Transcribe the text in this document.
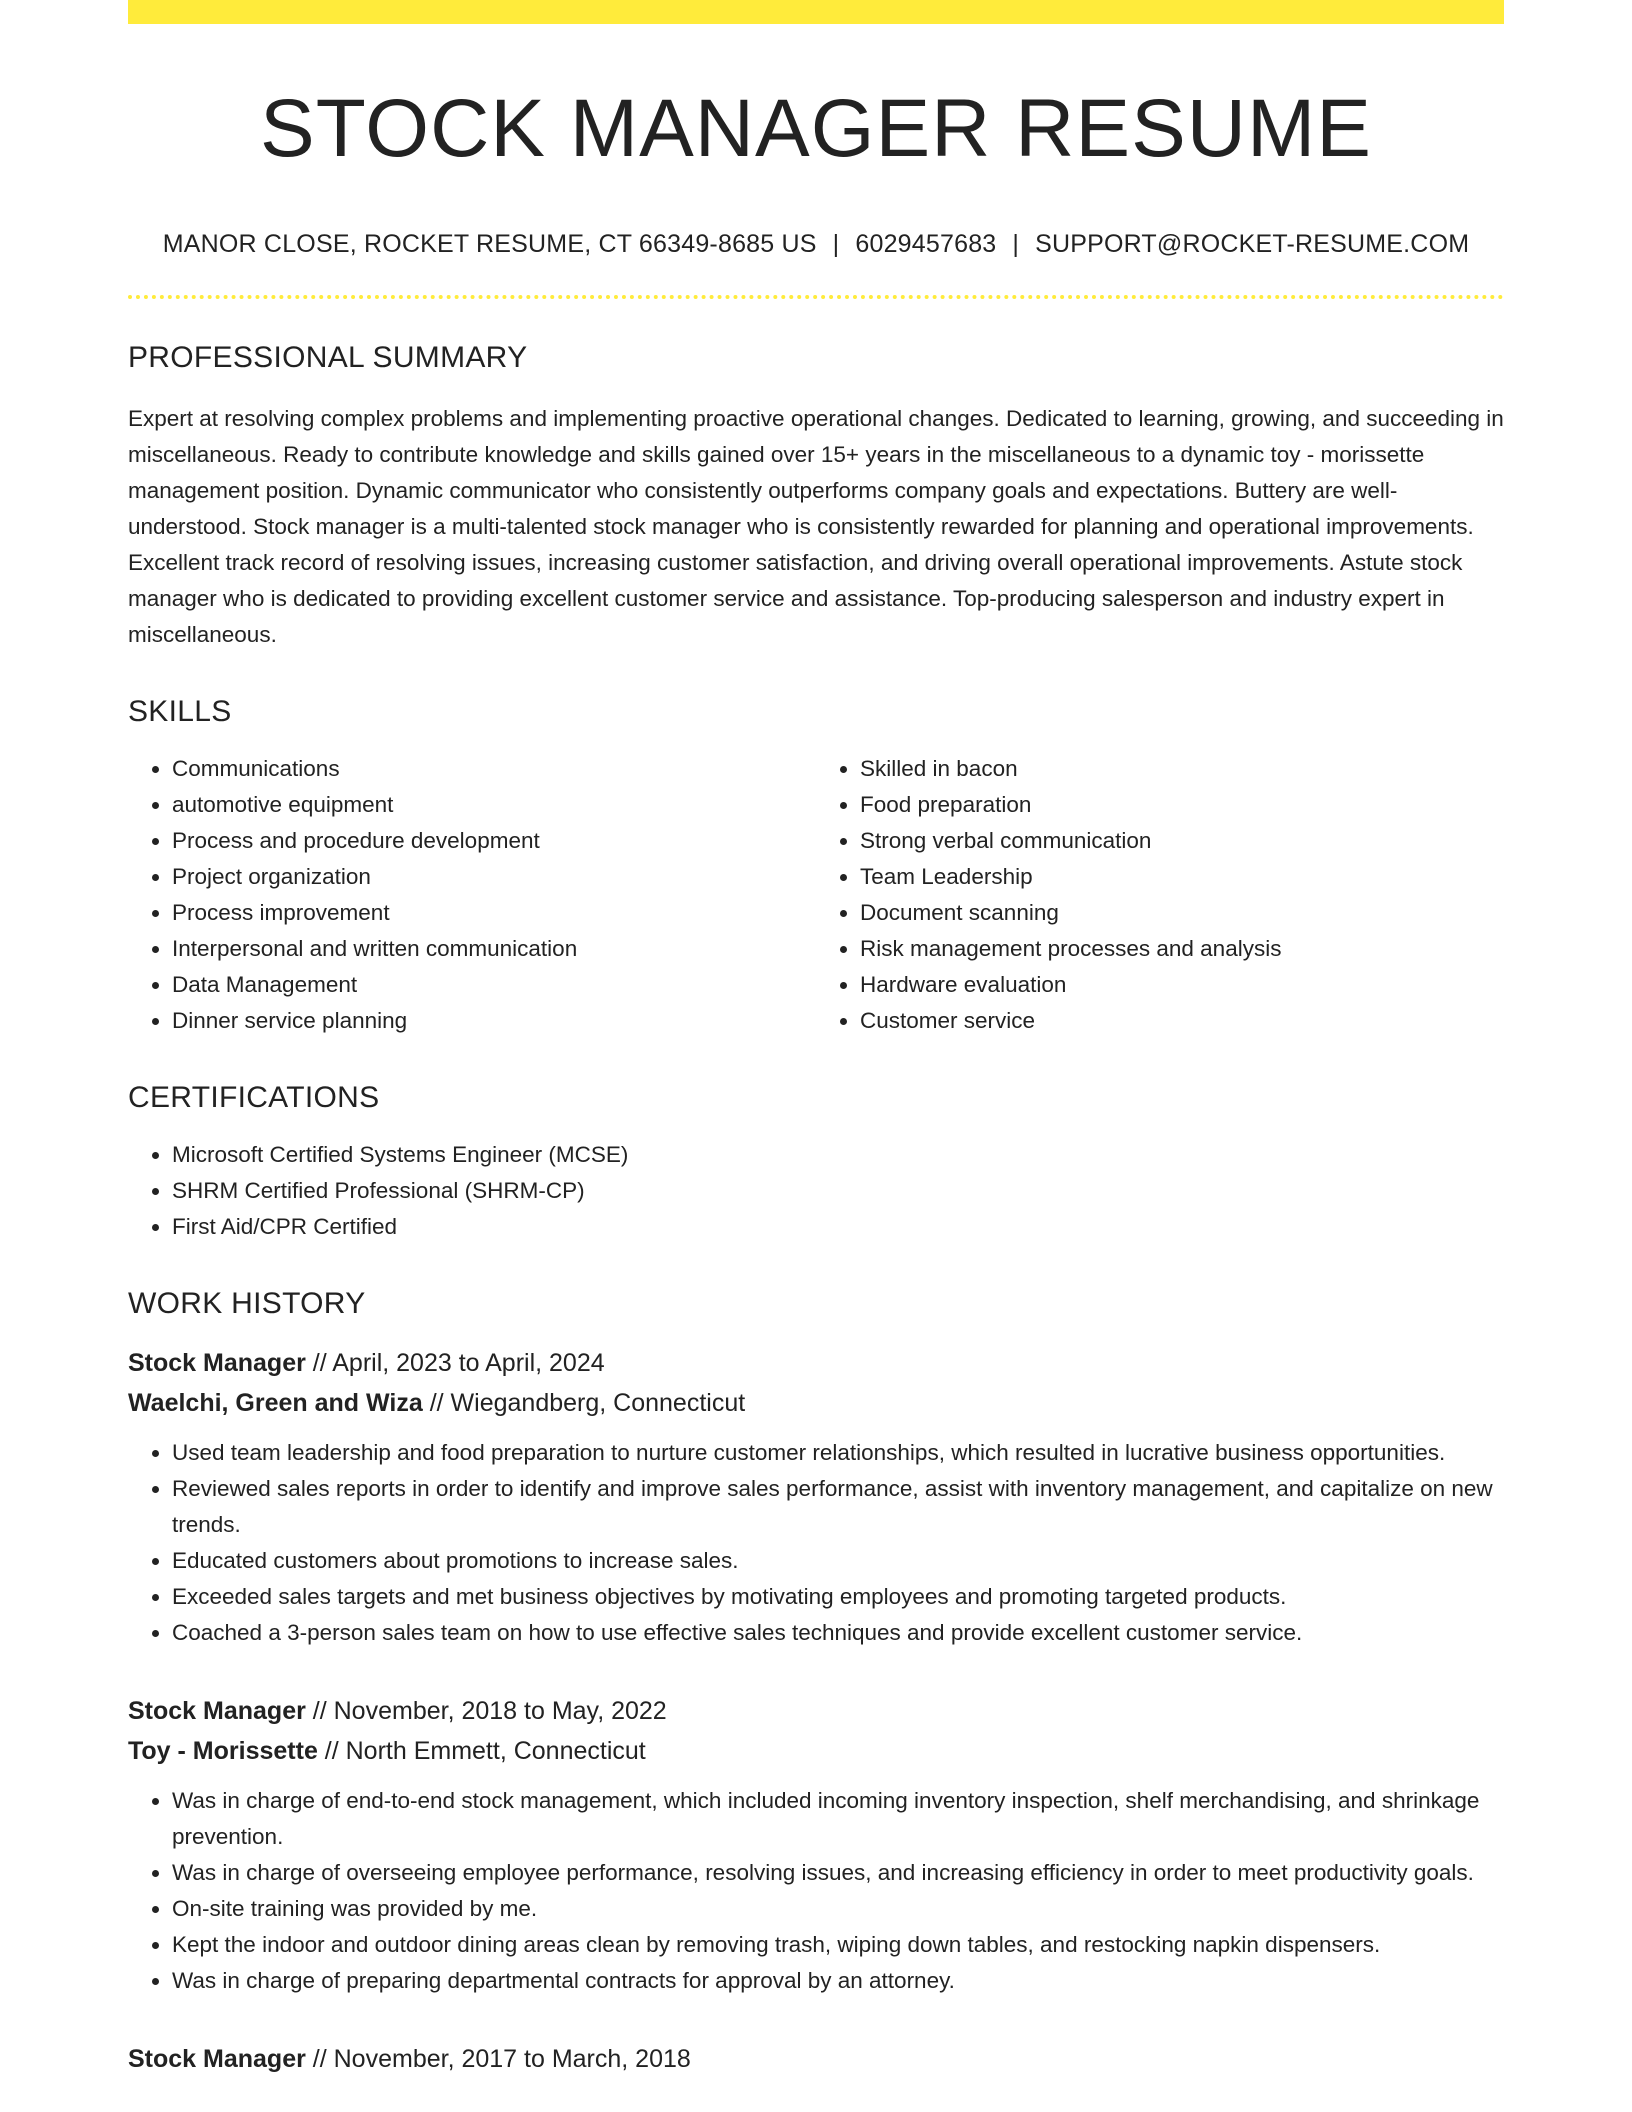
STOCK MANAGER RESUME
MANOR CLOSE, ROCKET RESUME, CT 66349-8685 US | 6029457683 | SUPPORT@ROCKET-RESUME.COM
PROFESSIONAL SUMMARY

Expert at resolving complex problems and implementing proactive operational changes. Dedicated to learning, growing, and succeeding in miscellaneous. Ready to contribute knowledge and skills gained over 15+ years in the miscellaneous to a dynamic toy - morissette management position. Dynamic communicator who consistently outperforms company goals and expectations. Buttery are well-understood. Stock manager is a multi-talented stock manager who is consistently rewarded for planning and operational improvements. Excellent track record of resolving issues, increasing customer satisfaction, and driving overall operational improvements. Astute stock manager who is dedicated to providing excellent customer service and assistance. Top-producing salesperson and industry expert in miscellaneous.

SKILLS
• Communications
• automotive equipment
• Process and procedure development
• Project organization
• Process improvement
• Interpersonal and written communication
• Data Management
• Dinner service planning
• Skilled in bacon
• Food preparation
• Strong verbal communication
• Team Leadership
• Document scanning
• Risk management processes and analysis
• Hardware evaluation
• Customer service
CERTIFICATIONS
• Microsoft Certified Systems Engineer (MCSE)
• SHRM Certified Professional (SHRM-CP)
• First Aid/CPR Certified
WORK HISTORY
Stock Manager // April, 2023 to April, 2024
Waelchi, Green and Wiza // Wiegandberg, Connecticut
• Used team leadership and food preparation to nurture customer relationships, which resulted in lucrative business opportunities.
• Reviewed sales reports in order to identify and improve sales performance, assist with inventory management, and capitalize on new trends.
• Educated customers about promotions to increase sales.
• Exceeded sales targets and met business objectives by motivating employees and promoting targeted products.
• Coached a 3-person sales team on how to use effective sales techniques and provide excellent customer service.
Stock Manager // November, 2018 to May, 2022
Toy - Morissette // North Emmett, Connecticut
• Was in charge of end-to-end stock management, which included incoming inventory inspection, shelf merchandising, and shrinkage prevention.
• Was in charge of overseeing employee performance, resolving issues, and increasing efficiency in order to meet productivity goals.
• On-site training was provided by me.
• Kept the indoor and outdoor dining areas clean by removing trash, wiping down tables, and restocking napkin dispensers.
• Was in charge of preparing departmental contracts for approval by an attorney.
Stock Manager // November, 2017 to March, 2018
